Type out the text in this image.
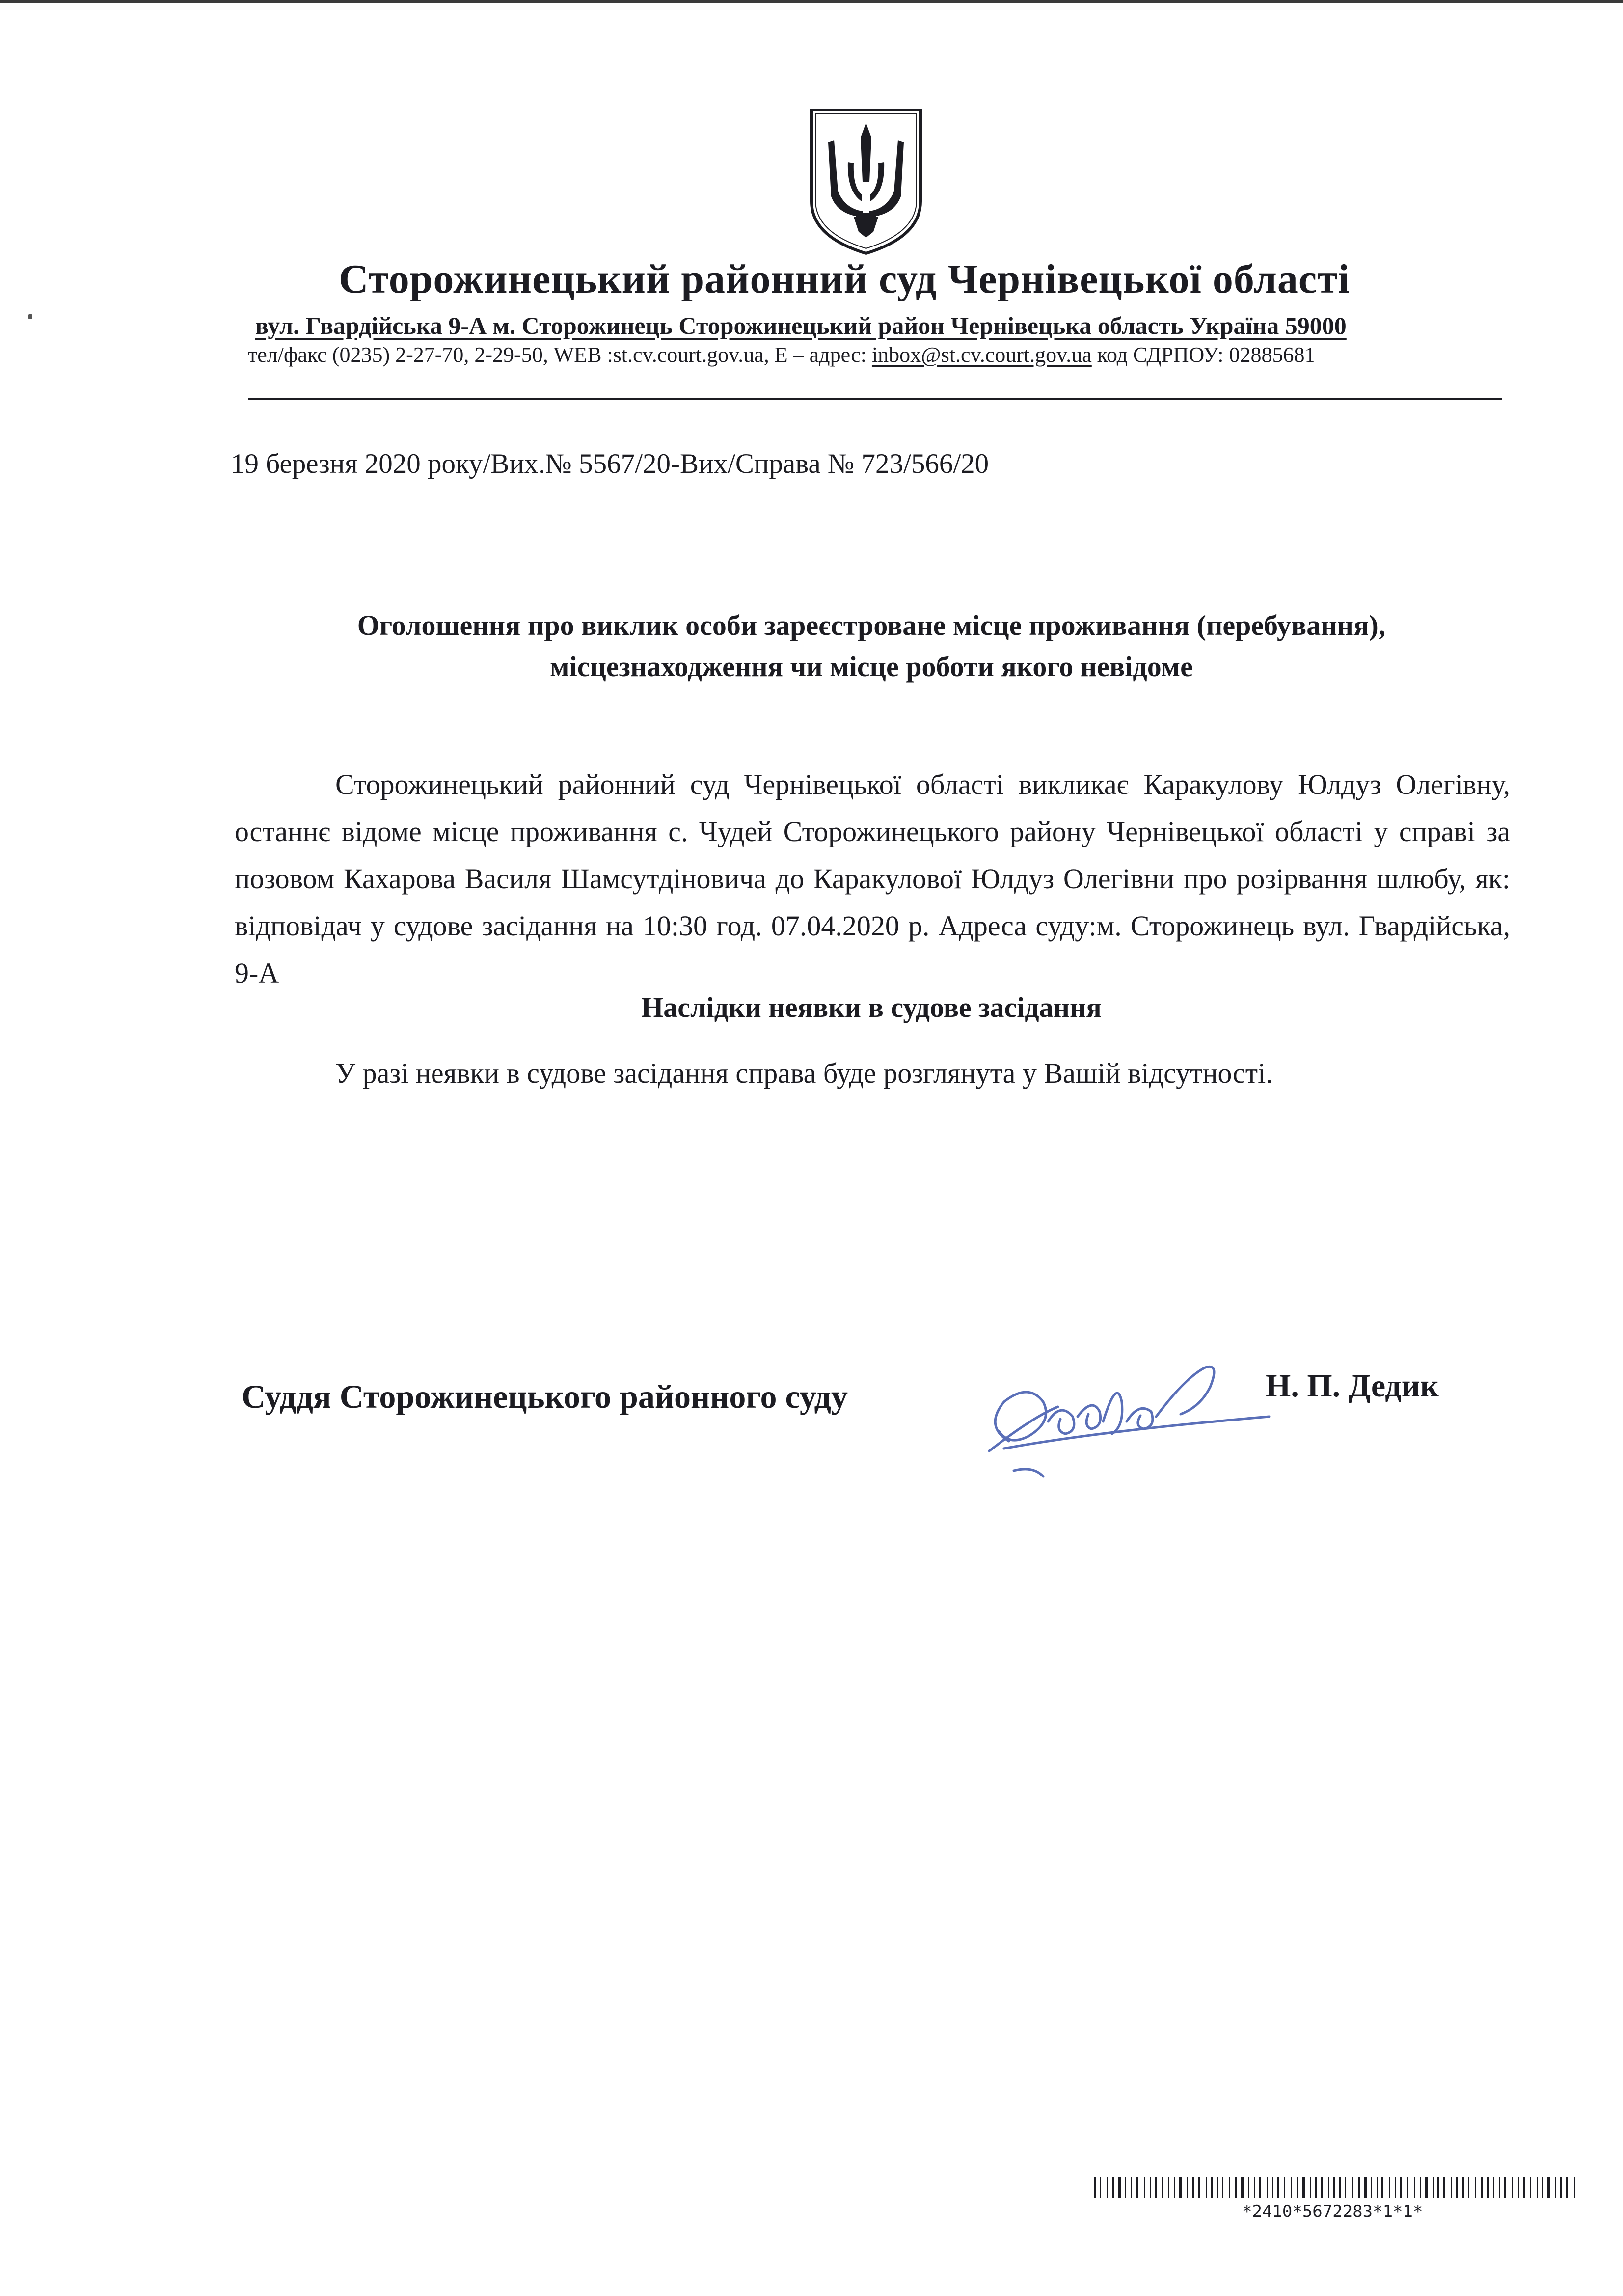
Сторожинецький районний суд Чернівецької області
вул. Гвардійська 9-А м. Сторожинець Сторожинецький район Чернівецька область Україна 59000
тел/факс (0235) 2-27-70, 2-29-50, WEB :st.cv.court.gov.ua, E – адрес: inbox@st.cv.court.gov.ua код СДРПОУ: 02885681
19 березня 2020 року/Вих.№ 5567/20-Вих/Справа № 723/566/20
Оголошення про виклик особи зареєстроване місце проживання (перебування),
місцезнаходження чи місце роботи якого невідоме

Сторожинецький районний суд Чернівецької області викликає Каракулову Юлдуз Олегівну, останнє відоме місце проживання с. Чудей Сторожинецького району Чернівецької області у справі за позовом Кахарова Василя Шамсутдіновича до Каракулової Юлдуз Олегівни про розірвання шлюбу, як: відповідач у судове засідання на 10:30 год. 07.04.2020 р. Адреса суду:м. Сторожинець вул. Гвардійська, 9-А

Наслідки неявки в судове засідання
У разі неявки в судове засідання справа буде розглянута у Вашій відсутності.
Суддя Сторожинецького районного суду	Н. П. Дедик
*2410*5672283*1*1*
